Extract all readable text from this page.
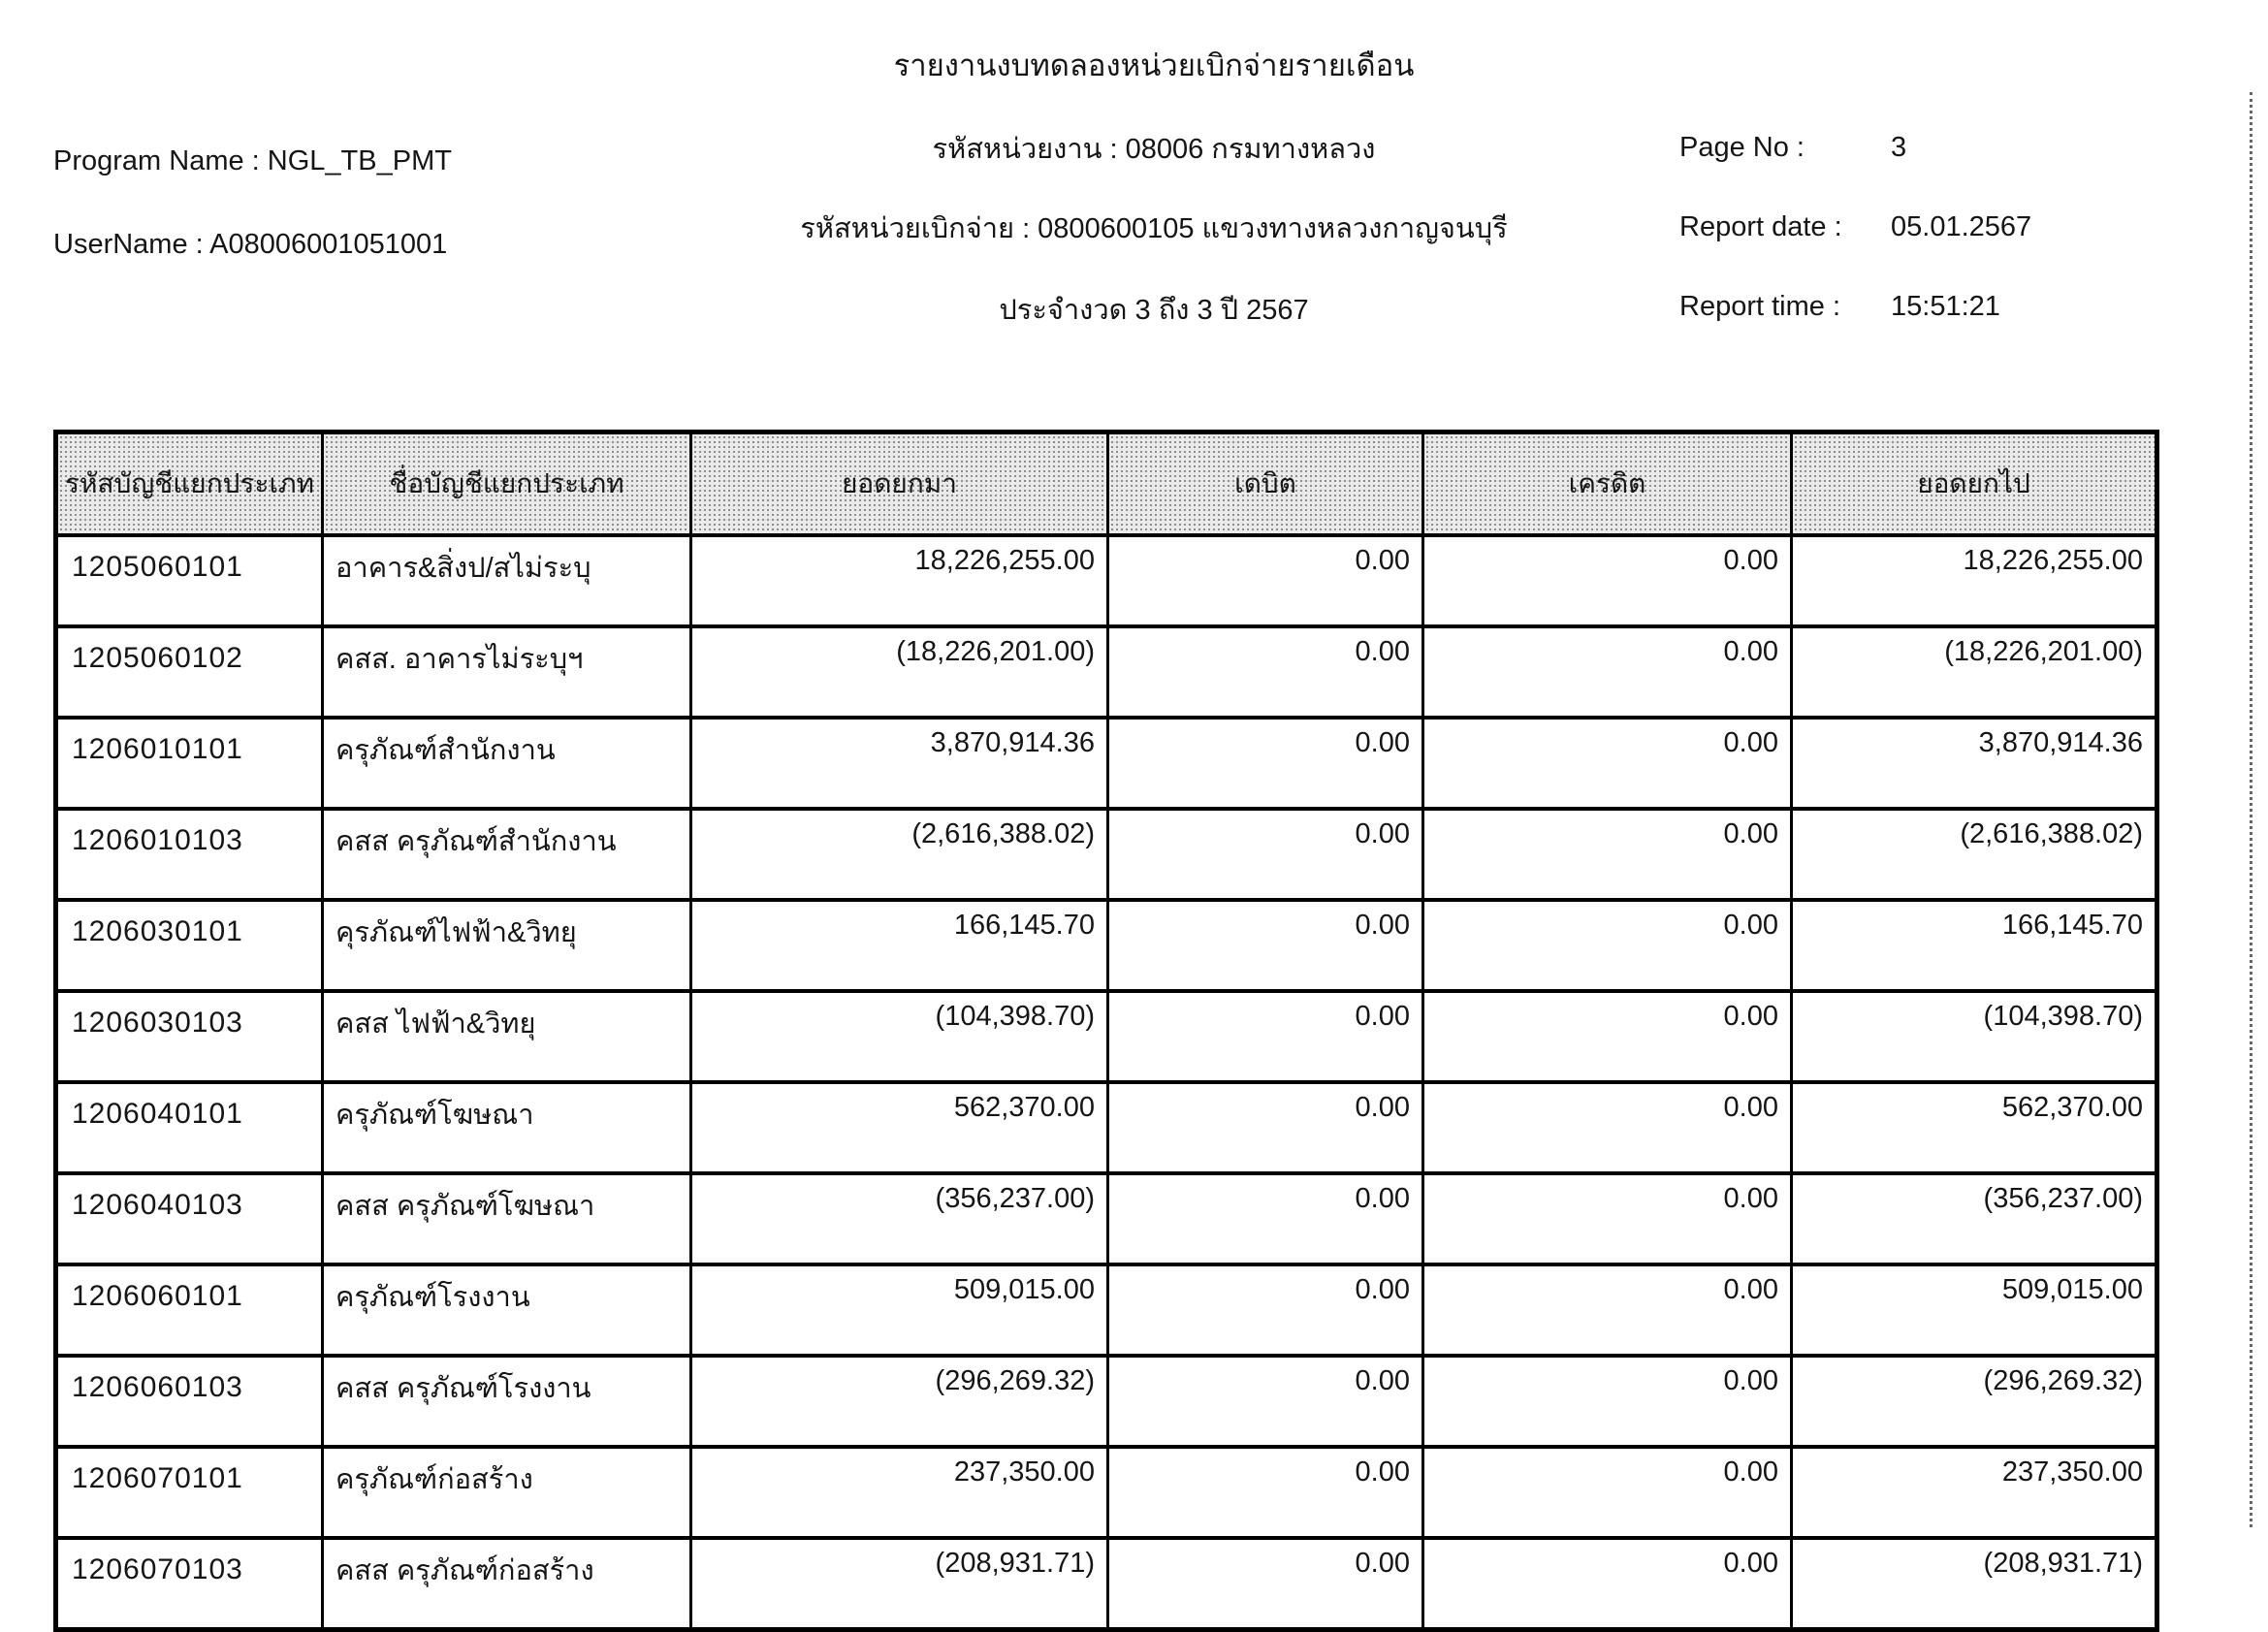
รายงานงบทดลองหน่วยเบิกจ่ายรายเดือน
Program Name : NGL_TB_PMT
UserName : A08006001051001
รหัสหน่วยงาน : 08006 กรมทางหลวง
รหัสหน่วยเบิกจ่าย : 0800600105 แขวงทางหลวงกาญจนบุรี
ประจำงวด 3 ถึง 3 ปี 2567
Page No :	3
Report date : 05.01.2567
Report time : 15:51:21
รหัสบัญชีแยกประเภท	ชื่อบัญชีแยกประเภท	ยอดยกมา	เดบิต	เครดิต	ยอดยกไป
1205060101	อาคาร&สิ่งป/สไม่ระบุ	18,226,255.00	0.00	0.00	18,226,255.00
1205060102	คสส. อาคารไม่ระบุฯ	(18,226,201.00)	0.00	0.00	(18,226,201.00)
1206010101	ครุภัณฑ์สำนักงาน	3,870,914.36	0.00	0.00	3,870,914.36
1206010103	คสส ครุภัณฑ์สำนักงาน	(2,616,388.02)	0.00	0.00	(2,616,388.02)
1206030101	คุรภัณฑ์ไฟฟ้า&วิทยุ	166,145.70	0.00	0.00	166,145.70
1206030103	คสส ไฟฟ้า&วิทยุ	(104,398.70)	0.00	0.00	(104,398.70)
1206040101	ครุภัณฑ์โฆษณา	562,370.00	0.00	0.00	562,370.00
1206040103	คสส ครุภัณฑ์โฆษณา	(356,237.00)	0.00	0.00	(356,237.00)
1206060101	ครุภัณฑ์โรงงาน	509,015.00	0.00	0.00	509,015.00
1206060103	คสส ครุภัณฑ์โรงงาน	(296,269.32)	0.00	0.00	(296,269.32)
1206070101	ครุภัณฑ์ก่อสร้าง	237,350.00	0.00	0.00	237,350.00
1206070103	คสส ครุภัณฑ์ก่อสร้าง	(208,931.71)	0.00	0.00	(208,931.71)
